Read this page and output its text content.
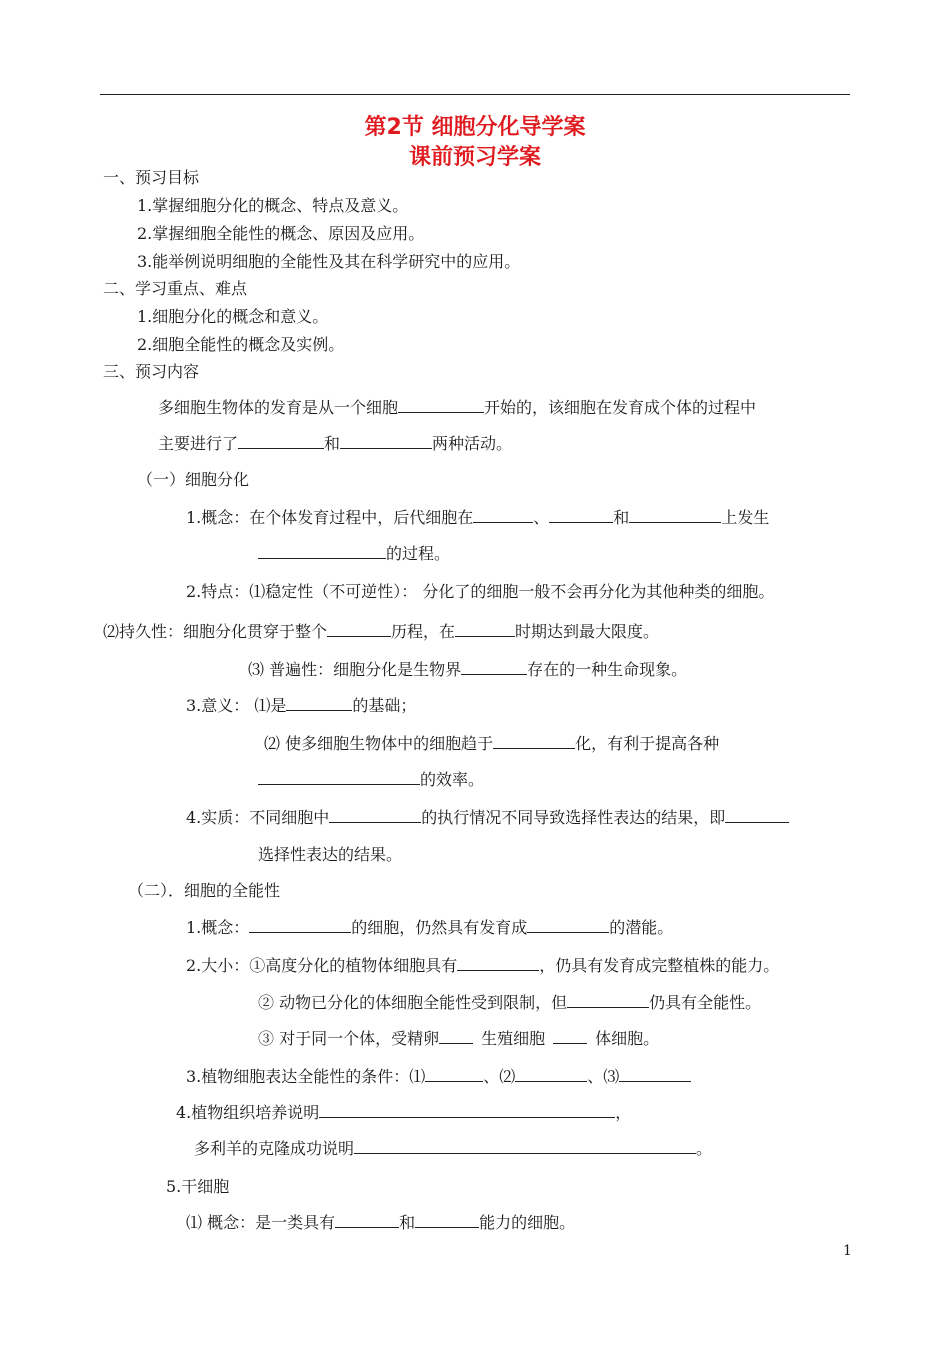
第2节 细胞分化导学案
课前预习学案
一、预习目标
1.掌握细胞分化的概念、特点及意义。
2.掌握细胞全能性的概念、原因及应用。
3.能举例说明细胞的全能性及其在科学研究中的应用。
二、学习重点、难点
1.细胞分化的概念和意义。
2.细胞全能性的概念及实例。
三、预习内容
多细胞生物体的发育是从一个细胞	开始的，该细胞在发育成个体的过程中
主要进行了	和	两种活动。
（一）细胞分化
1.概念：在个体发育过程中，后代细胞在	、	和	上发生
的过程。
2.特点：⑴稳定性（不可逆性）： 分化了的细胞一般不会再分化为其他种类的细胞。
⑵持久性：细胞分化贯穿于整个	历程，在	时期达到最大限度。
⑶ 普遍性：细胞分化是生物界	存在的一种生命现象。
3.意义： ⑴是	的基础；
⑵ 使多细胞生物体中的细胞趋于	化，有利于提高各种
的效率。
4.实质：不同细胞中	的执行情况不同导致选择性表达的结果，即
选择性表达的结果。
（二）．细胞的全能性
1.概念：	的细胞，仍然具有发育成	的潜能。
2.大小：①高度分化的植物体细胞具有	，仍具有发育成完整植株的能力。
② 动物已分化的体细胞全能性受到限制，但	仍具有全能性。
③ 对于同一个体，受精卵	生殖细胞	体细胞。
3.植物细胞表达全能性的条件：⑴	、⑵	、⑶
4.植物组织培养说明	，
多利羊的克隆成功说明	。
5.干细胞
⑴ 概念：是一类具有	和	能力的细胞。
1
